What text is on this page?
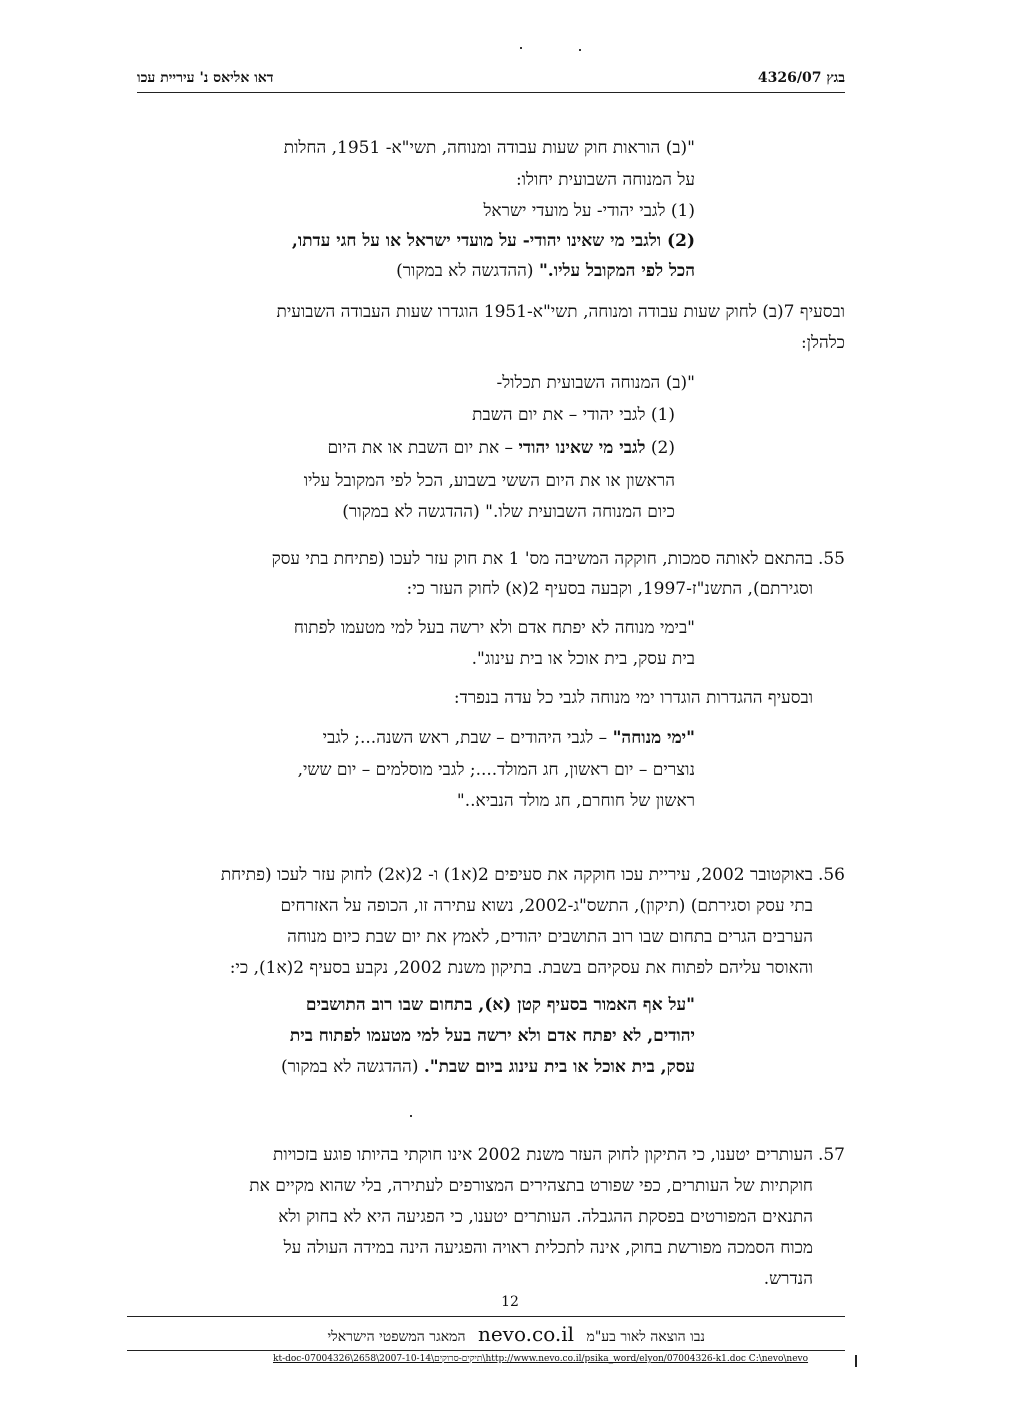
בגץ 4326/07
דאו אליאס נ' עיריית עכו
"(ב) הוראות חוק שעות עבודה ומנוחה, תשי"א- 1951, החלות
על המנוחה השבועית יחולו:
(1) לגבי יהודי- על מועדי ישראל
(2) ולגבי מי שאינו יהודי- על מועדי ישראל או על חגי עדתו,
הכל לפי המקובל עליו." (ההדגשה לא במקור)
ובסעיף 7(ב) לחוק שעות עבודה ומנוחה, תשי"א-1951 הוגדרו שעות העבודה השבועית
כלהלן:
"(ב) המנוחה השבועית תכלול-
(1) לגבי יהודי – את יום השבת
(2) לגבי מי שאינו יהודי – את יום השבת או את היום
הראשון או את היום הששי בשבוע, הכל לפי המקובל עליו
כיום המנוחה השבועית שלו." (ההדגשה לא במקור)
55.
בהתאם לאותה סמכות, חוקקה המשיבה מס' 1 את חוק עזר לעכו (פתיחת בתי עסק
וסגירתם), התשנ"ז-1997, וקבעה בסעיף 2(א) לחוק העזר כי:
"בימי מנוחה לא יפתח אדם ולא ירשה בעל למי מטעמו לפתוח
בית עסק, בית אוכל או בית עינוג".
ובסעיף ההגדרות הוגדרו ימי מנוחה לגבי כל עדה בנפרד:
"ימי מנוחה" – לגבי היהודים – שבת, ראש השנה...; לגבי
נוצרים – יום ראשון, חג המולד....; לגבי מוסלמים – יום ששי,
ראשון של חוחרם, חג מולד הנביא.."
56.
באוקטובר 2002, עיריית עכו חוקקה את סעיפים 2(א1) ו- 2(א2) לחוק עזר לעכו (פתיחת
בתי עסק וסגירתם) (תיקון), התשס"ג-2002, נשוא עתירה זו, הכופה על האזרחים
הערבים הגרים בתחום שבו רוב התושבים יהודים, לאמץ את יום שבת כיום מנוחה
והאוסר עליהם לפתוח את עסקיהם בשבת. בתיקון משנת 2002, נקבע בסעיף 2(א1), כי:
"על אף האמור בסעיף קטן (א), בתחום שבו רוב התושבים
יהודים, לא יפתח אדם ולא ירשה בעל למי מטעמו לפתוח בית
עסק, בית אוכל או בית עינוג ביום שבת". (ההדגשה לא במקור)
57.
העותרים יטענו, כי התיקון לחוק העזר משנת 2002 אינו חוקתי בהיותו פוגע בזכויות
חוקתיות של העותרים, כפי שפורט בתצהירים המצורפים לעתירה, בלי שהוא מקיים את
התנאים המפורטים בפסקת ההגבלה. העותרים יטענו, כי הפגיעה היא לא בחוק ולא
מכוח הסמכה מפורשת בחוק, אינה לתכלית ראויה והפגיעה הינה במידה העולה על
הנדרש.
12
נבו הוצאה לאור בע"מ nevo.co.il המאגר המשפטי הישראלי
kt-doc-07004326\2658\2007-10-14\תיקים-סרוקים\http://www.nevo.co.il/psika_word/elyon/07004326-k1.doc C:\nevo\nevo
